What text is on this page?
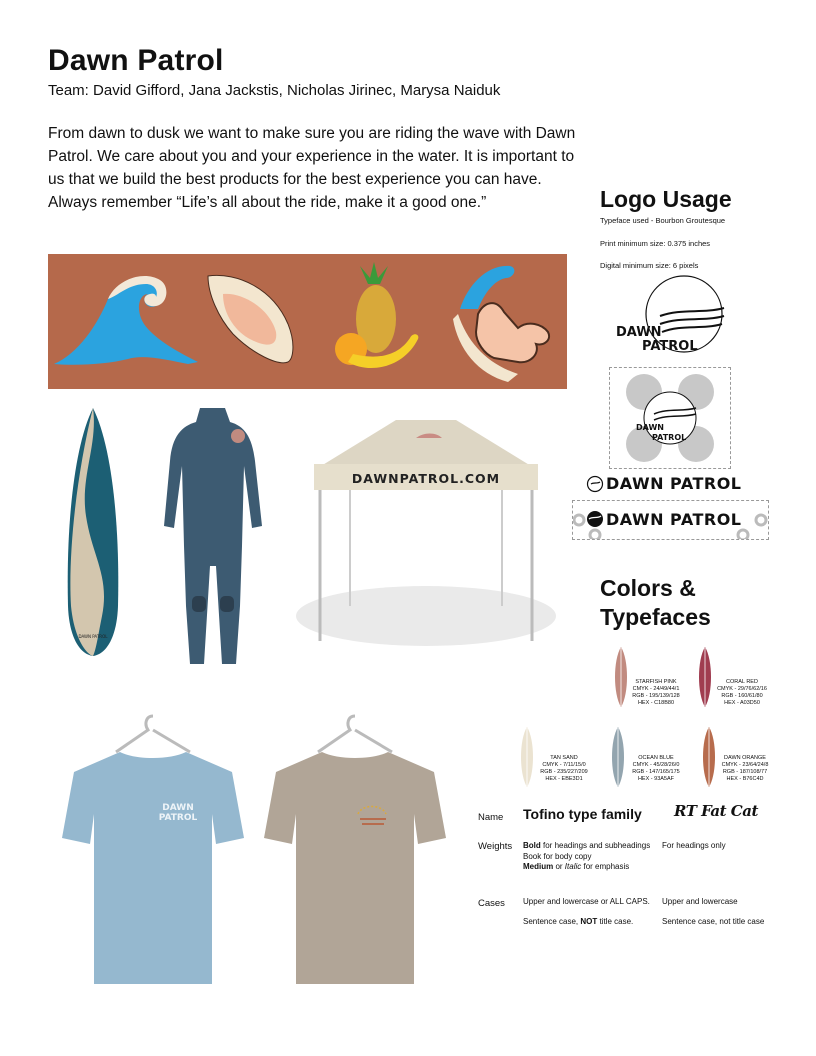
Dawn Patrol
Team: David Gifford, Jana Jackstis, Nicholas Jirinec, Marysa Naiduk
From dawn to dusk we want to make sure you are riding the wave with Dawn Patrol. We care about you and your experience in the water. It is important to us that we build the best products for the best experience you can have. Always remember “Life’s all about the ride, make it a good one.”
DAWN PATROL
DAWNPATROL.COM
DAWN
PATROL
Logo Usage
Typeface used - Bourbon Groutesque
Print minimum size: 0.375 inches
Digital minimum size: 6 pixels
DAWN
PATROL
DAWN
PATROL
DAWN PATROL
DAWN PATROL
Colors &
Typefaces
STARFISH PINK
CMYK - 24/49/44/1
RGB - 195/139/128
HEX - C18B80
CORAL RED
CMYK - 29/76/62/16
RGB - 160/61/80
HEX - A03D50
TAN SAND
CMYK - 7/11/15/0
RGB - 235/227/209
HEX - EBE3D1
OCEAN BLUE
CMYK - 45/28/26/0
RGB - 147/165/175
HEX - 93A5AF
DAWN ORANGE
CMYK - 23/64/24/8
RGB - 187/108/77
HEX - B76C4D
Name Tofino type family RT Fat Cat
Weights Bold for headings and subheadings
Book for body copy
Medium or Italic for emphasis
For headings only
Cases Upper and lowercase or ALL CAPS.
Sentence case, NOT title case.
Upper and lowercase
Sentence case, not title case
